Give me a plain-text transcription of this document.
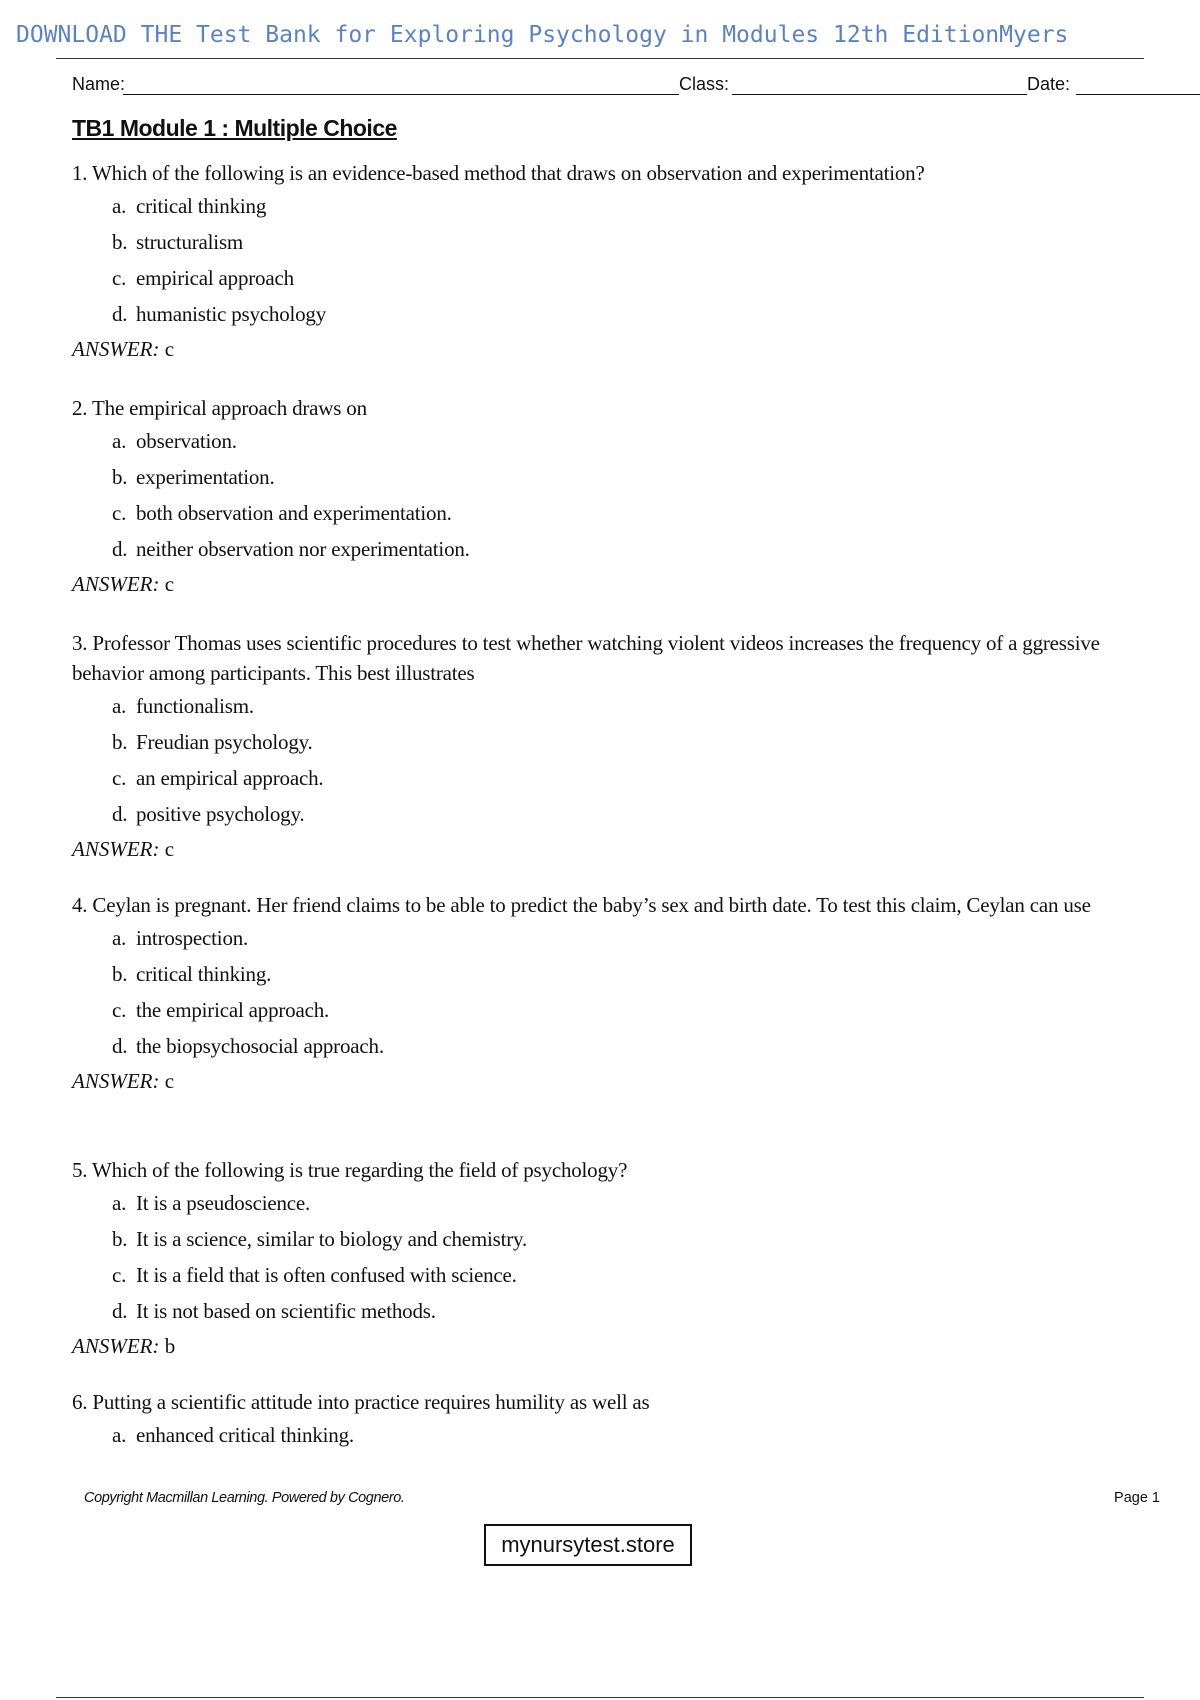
DOWNLOAD THE Test Bank for Exploring Psychology in Modules 12th EditionMyers
Name:	Class:	Date:
TB1 Module 1 : Multiple Choice
1. Which of the following is an evidence-based method that draws on observation and experimentation?
a. critical thinking
b. structuralism
c. empirical approach
d. humanistic psychology
ANSWER: c
2. The empirical approach draws on
a. observation.
b. experimentation.
c. both observation and experimentation.
d. neither observation nor experimentation.
ANSWER: c
3. Professor Thomas uses scientific procedures to test whether watching violent videos increases the frequency of a ggressive behavior among participants. This best illustrates
a. functionalism.
b. Freudian psychology.
c. an empirical approach.
d. positive psychology.
ANSWER: c
4. Ceylan is pregnant. Her friend claims to be able to predict the baby’s sex and birth date. To test this claim, Ceylan can use
a. introspection.
b. critical thinking.
c. the empirical approach.
d. the biopsychosocial approach.
ANSWER: c
5. Which of the following is true regarding the field of psychology?
a. It is a pseudoscience.
b. It is a science, similar to biology and chemistry.
c. It is a field that is often confused with science.
d. It is not based on scientific methods.
ANSWER: b
6. Putting a scientific attitude into practice requires humility as well as
a. enhanced critical thinking.
Copyright Macmillan Learning. Powered by Cognero.	Page 1
mynursytest.store
